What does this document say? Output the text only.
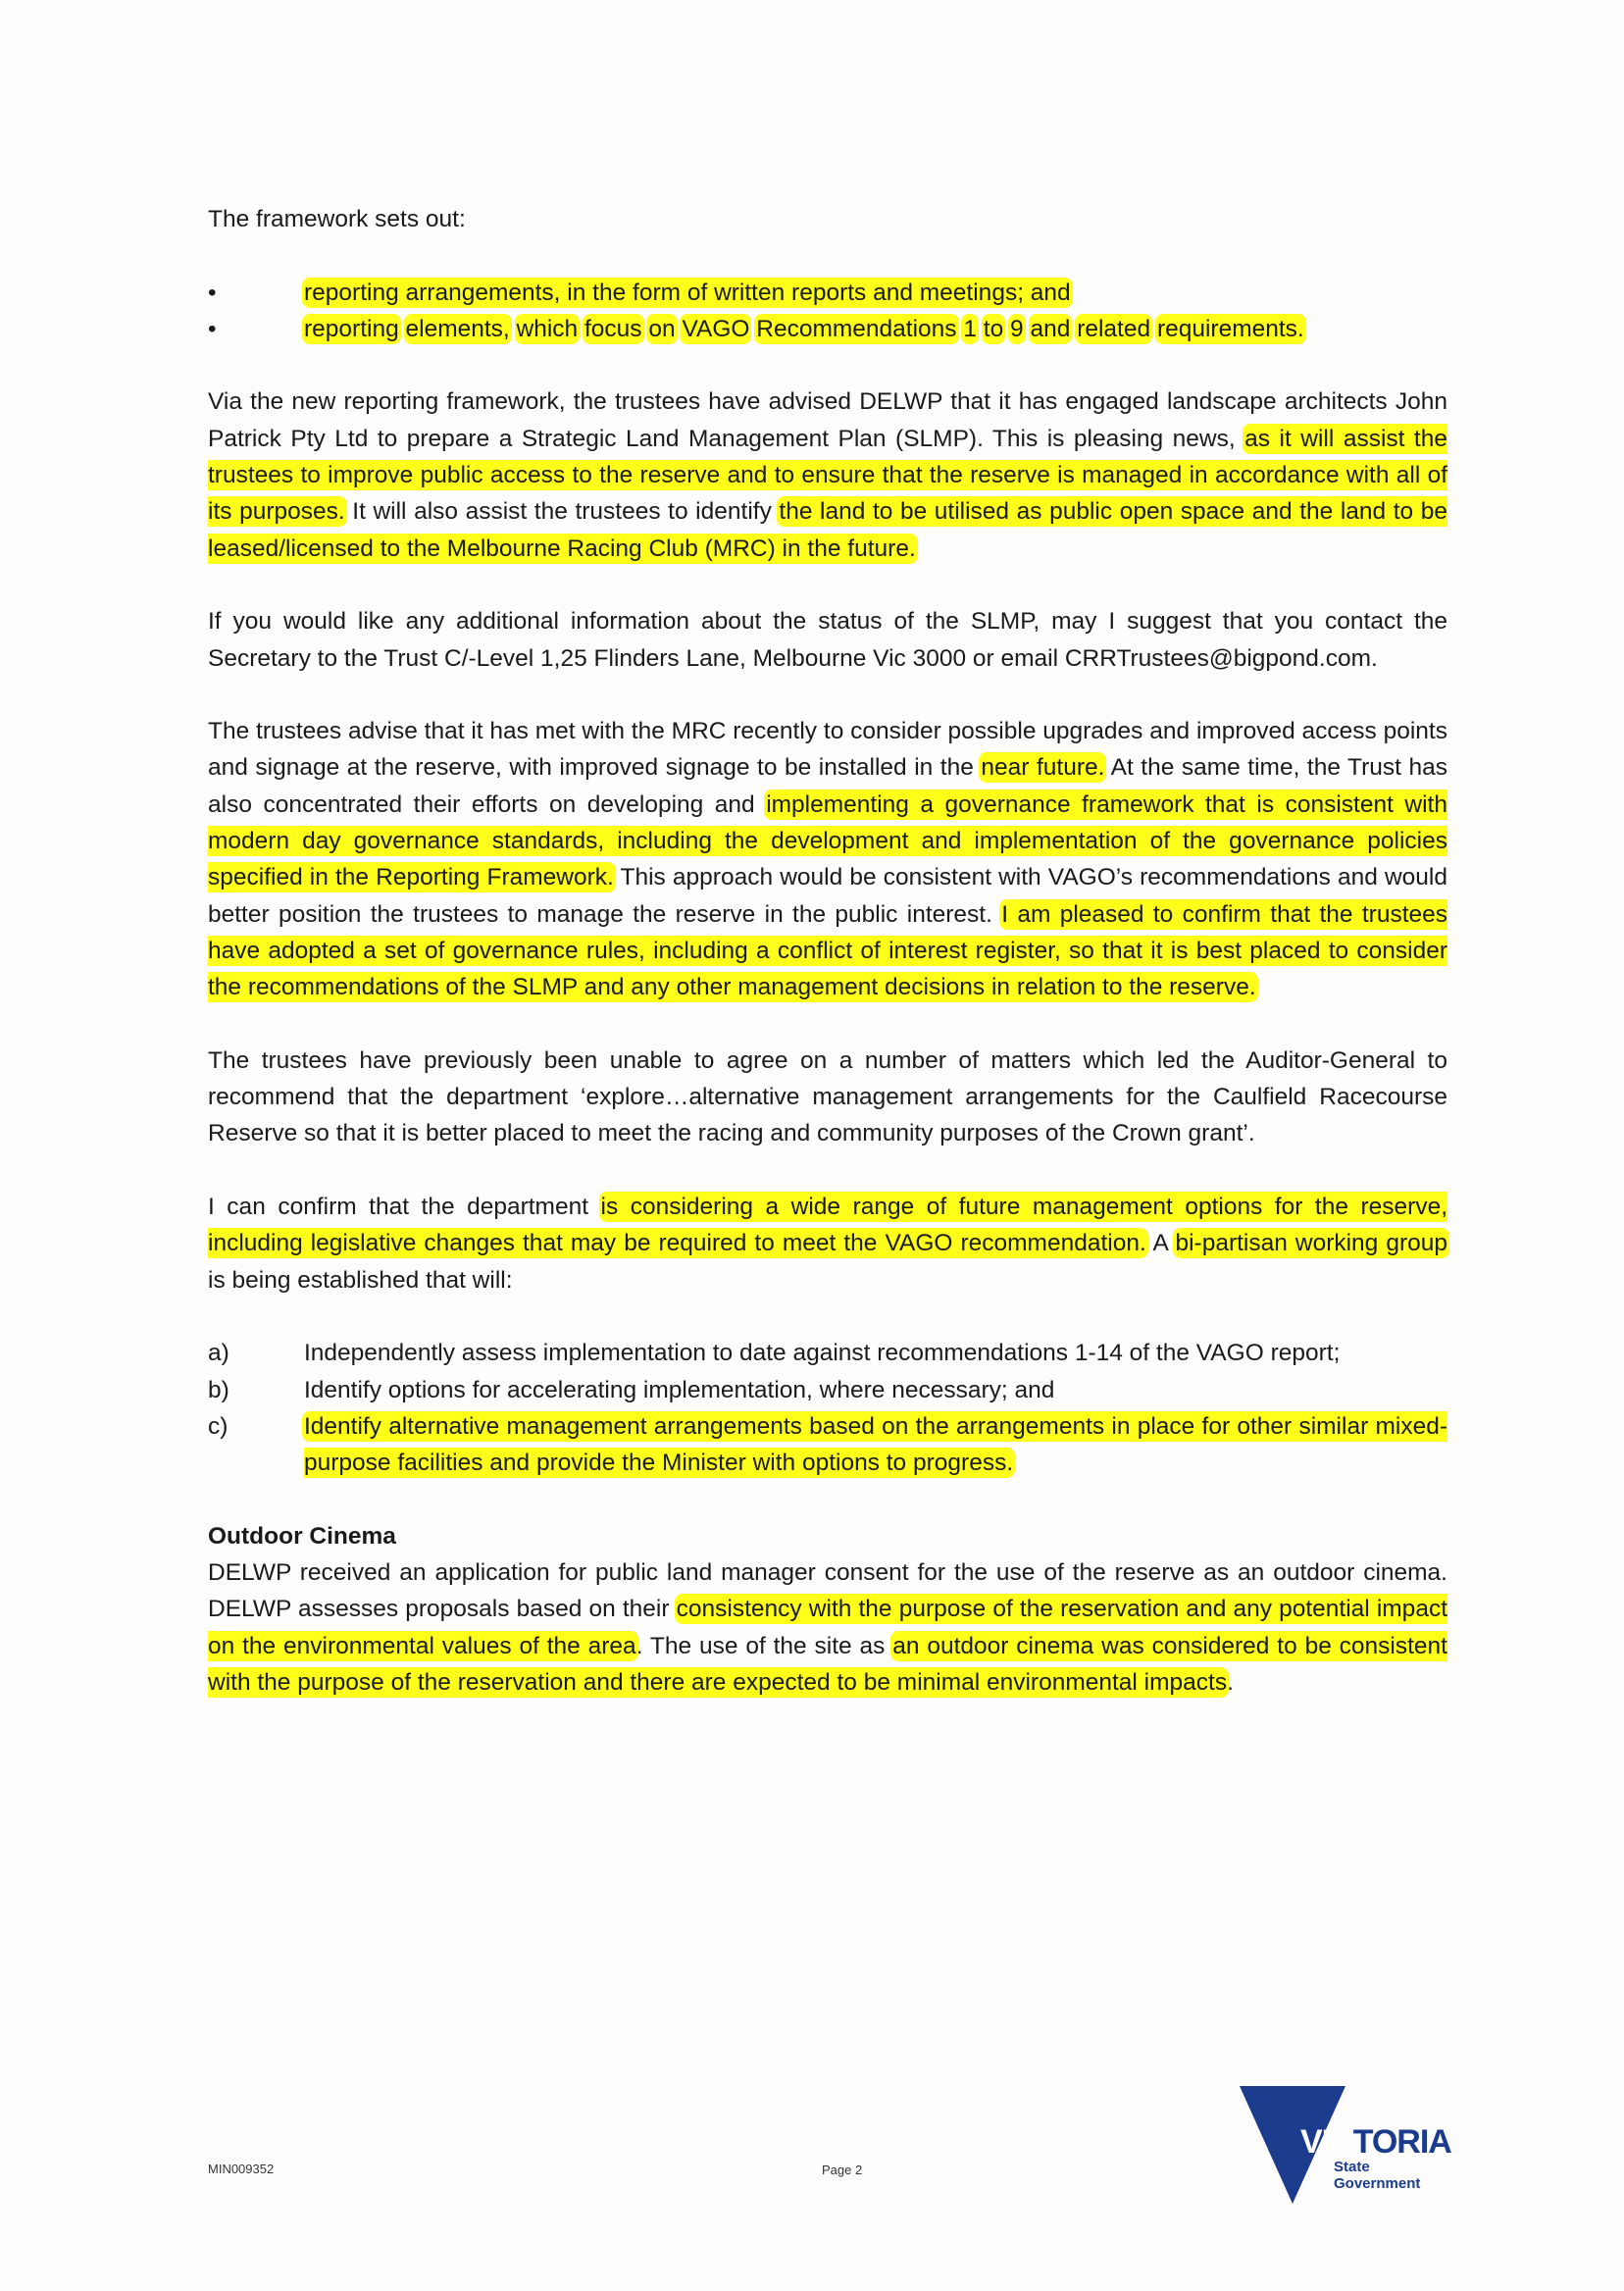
The framework sets out:

•	reporting arrangements, in the form of written reports and meetings; and
•	reporting elements, which focus on VAGO Recommendations 1 to 9 and related requirements.

Via the new reporting framework, the trustees have advised DELWP that it has engaged landscape architects John Patrick Pty Ltd to prepare a Strategic Land Management Plan (SLMP). This is pleasing news, as it will assist the trustees to improve public access to the reserve and to ensure that the reserve is managed in accordance with all of its purposes. It will also assist the trustees to identify the land to be utilised as public open space and the land to be leased/licensed to the Melbourne Racing Club (MRC) in the future.

If you would like any additional information about the status of the SLMP, may I suggest that you contact the Secretary to the Trust C/-Level 1,25 Flinders Lane, Melbourne Vic 3000 or email CRRTrustees@bigpond.com.

The trustees advise that it has met with the MRC recently to consider possible upgrades and improved access points and signage at the reserve, with improved signage to be installed in the near future. At the same time, the Trust has also concentrated their efforts on developing and implementing a governance framework that is consistent with modern day governance standards, including the development and implementation of the governance policies specified in the Reporting Framework. This approach would be consistent with VAGO’s recommendations and would better position the trustees to manage the reserve in the public interest. I am pleased to confirm that the trustees have adopted a set of governance rules, including a conflict of interest register, so that it is best placed to consider the recommendations of the SLMP and any other management decisions in relation to the reserve.

The trustees have previously been unable to agree on a number of matters which led the Auditor-General to recommend that the department ‘explore…alternative management arrangements for the Caulfield Racecourse Reserve so that it is better placed to meet the racing and community purposes of the Crown grant’.

I can confirm that the department is considering a wide range of future management options for the reserve, including legislative changes that may be required to meet the VAGO recommendation. A bi-partisan working group is being established that will:

a)	Independently assess implementation to date against recommendations 1-14 of the VAGO report;
b)	Identify options for accelerating implementation, where necessary; and
c)	Identify alternative management arrangements based on the arrangements in place for other similar mixed-purpose facilities and provide the Minister with options to progress.

Outdoor Cinema

DELWP received an application for public land manager consent for the use of the reserve as an outdoor cinema. DELWP assesses proposals based on their consistency with the purpose of the reservation and any potential impact on the environmental values of the area. The use of the site as an outdoor cinema was considered to be consistent with the purpose of the reservation and there are expected to be minimal environmental impacts.

MIN009352	Page 2
VICTORIA
State
Government
